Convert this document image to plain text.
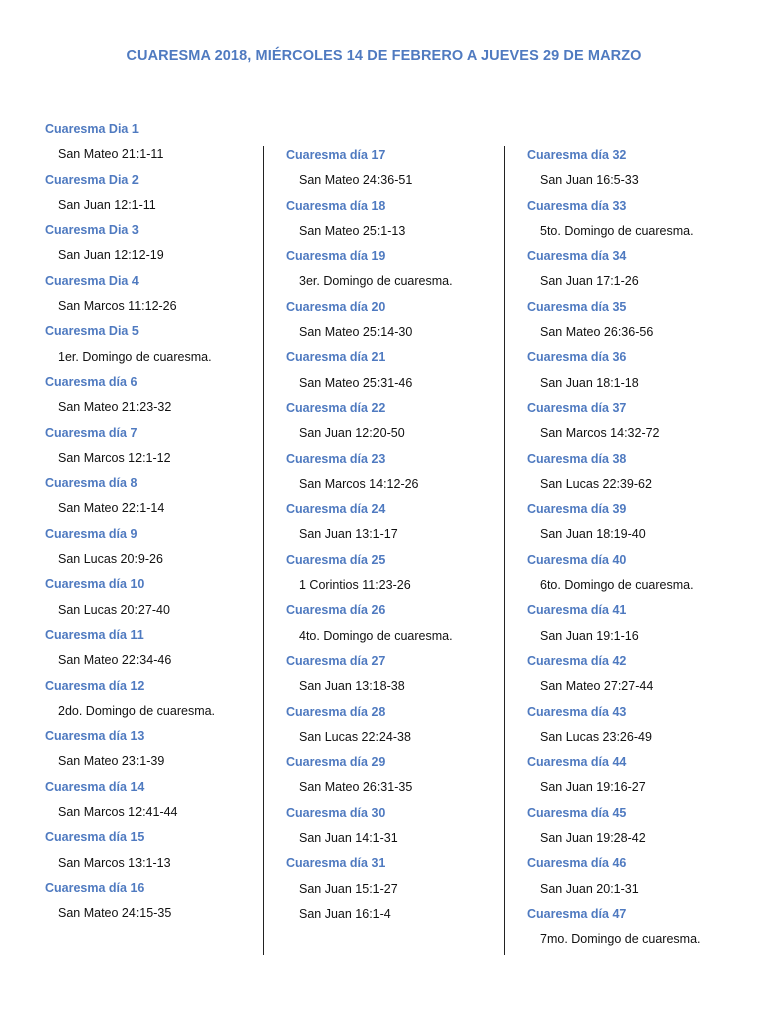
CUARESMA 2018, MIÉRCOLES 14 DE FEBRERO A JUEVES 29 DE MARZO
Cuaresma Dia 1
San Mateo 21:1-11
Cuaresma Dia 2
San Juan 12:1-11
Cuaresma Dia 3
San Juan 12:12-19
Cuaresma Dia 4
San Marcos 11:12-26
Cuaresma Dia 5
1er. Domingo de cuaresma.
Cuaresma día 6
San Mateo 21:23-32
Cuaresma día 7
San Marcos 12:1-12
Cuaresma día 8
San Mateo 22:1-14
Cuaresma día 9
San Lucas 20:9-26
Cuaresma día 10
San Lucas 20:27-40
Cuaresma día 11
San Mateo 22:34-46
Cuaresma día 12
2do. Domingo de cuaresma.
Cuaresma día 13
San Mateo 23:1-39
Cuaresma día 14
San Marcos 12:41-44
Cuaresma día 15
San Marcos 13:1-13
Cuaresma día 16
San Mateo 24:15-35
Cuaresma día 17
San Mateo 24:36-51
Cuaresma día 18
San Mateo 25:1-13
Cuaresma día 19
3er. Domingo de cuaresma.
Cuaresma día 20
San Mateo 25:14-30
Cuaresma día 21
San Mateo 25:31-46
Cuaresma día 22
San Juan 12:20-50
Cuaresma día 23
San Marcos 14:12-26
Cuaresma día 24
San Juan 13:1-17
Cuaresma día 25
1 Corintios 11:23-26
Cuaresma día 26
4to. Domingo de cuaresma.
Cuaresma día 27
San Juan 13:18-38
Cuaresma día 28
San Lucas 22:24-38
Cuaresma día 29
San Mateo 26:31-35
Cuaresma día 30
San Juan 14:1-31
Cuaresma día 31
San Juan 15:1-27
San Juan 16:1-4
Cuaresma día 32
San Juan 16:5-33
Cuaresma día 33
5to. Domingo de cuaresma.
Cuaresma día 34
San Juan 17:1-26
Cuaresma día 35
San Mateo 26:36-56
Cuaresma día 36
San Juan 18:1-18
Cuaresma día 37
San Marcos 14:32-72
Cuaresma día 38
San Lucas 22:39-62
Cuaresma día 39
San Juan 18:19-40
Cuaresma día 40
6to. Domingo de cuaresma.
Cuaresma día 41
San Juan 19:1-16
Cuaresma día 42
San Mateo 27:27-44
Cuaresma día 43
San Lucas 23:26-49
Cuaresma día 44
San Juan 19:16-27
Cuaresma día 45
San Juan 19:28-42
Cuaresma día 46
San Juan 20:1-31
Cuaresma día 47
7mo. Domingo de cuaresma.
